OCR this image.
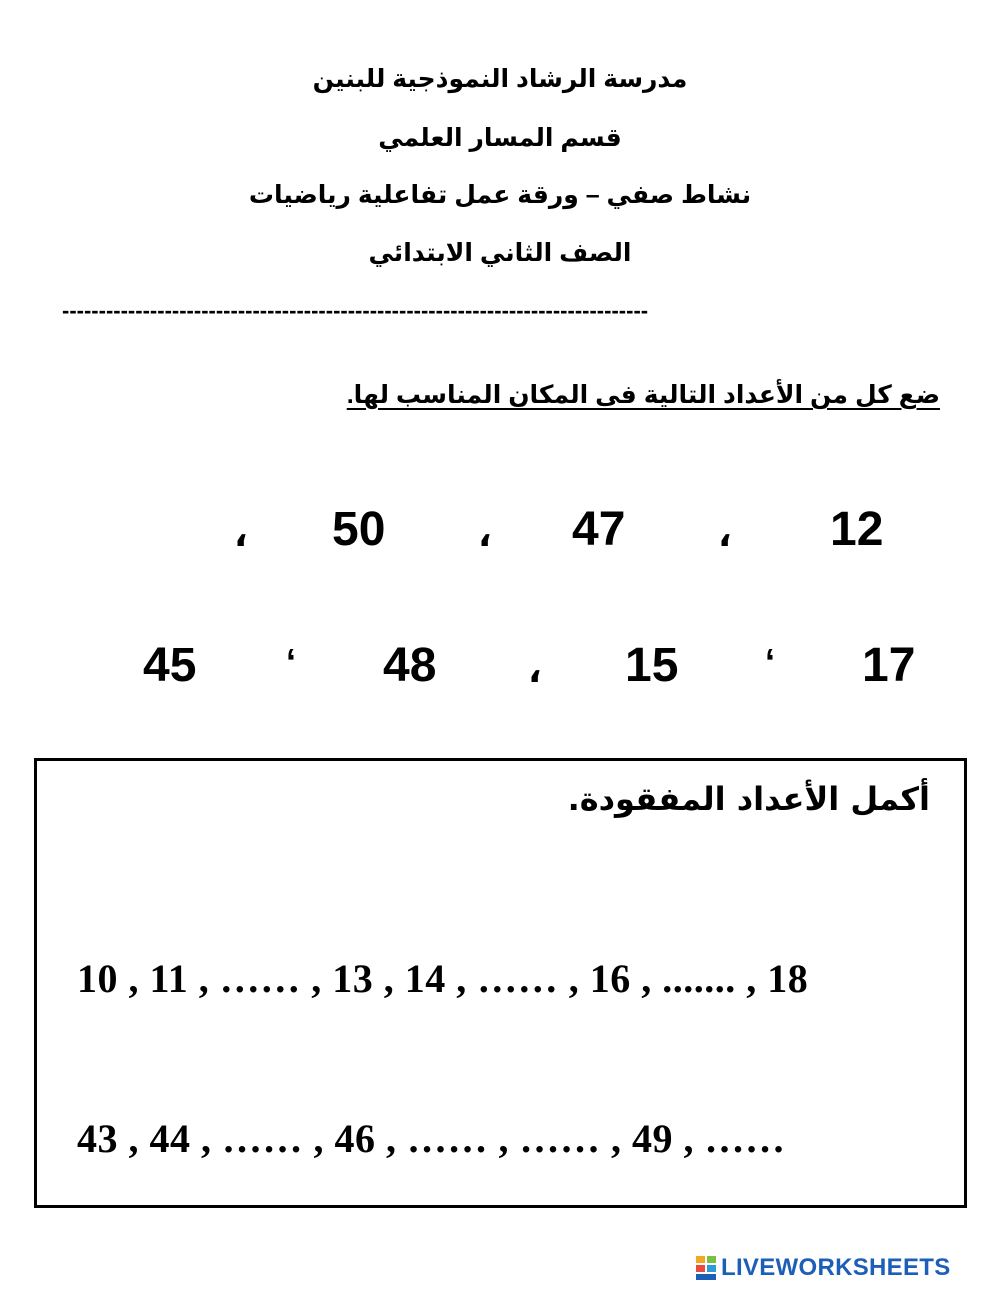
مدرسة الرشاد النموذجية للبنين
قسم المسار العلمي
نشاط صفي – ورقة عمل تفاعلية رياضيات
الصف الثاني الابتدائي
--------------------------------------------------------------------------------
ضع كل من الأعداد التالية فى المكان المناسب لها.
12
،
47
،
50
،
17
‘
15
،
48
‘
45
أكمل الأعداد المفقودة.
10 , 11 , …… , 13 , 14 , …… , 16 , ....... , 18
43 , 44 , …… , 46 , …… , …… , 49 , ……
LIVEWORKSHEETS
